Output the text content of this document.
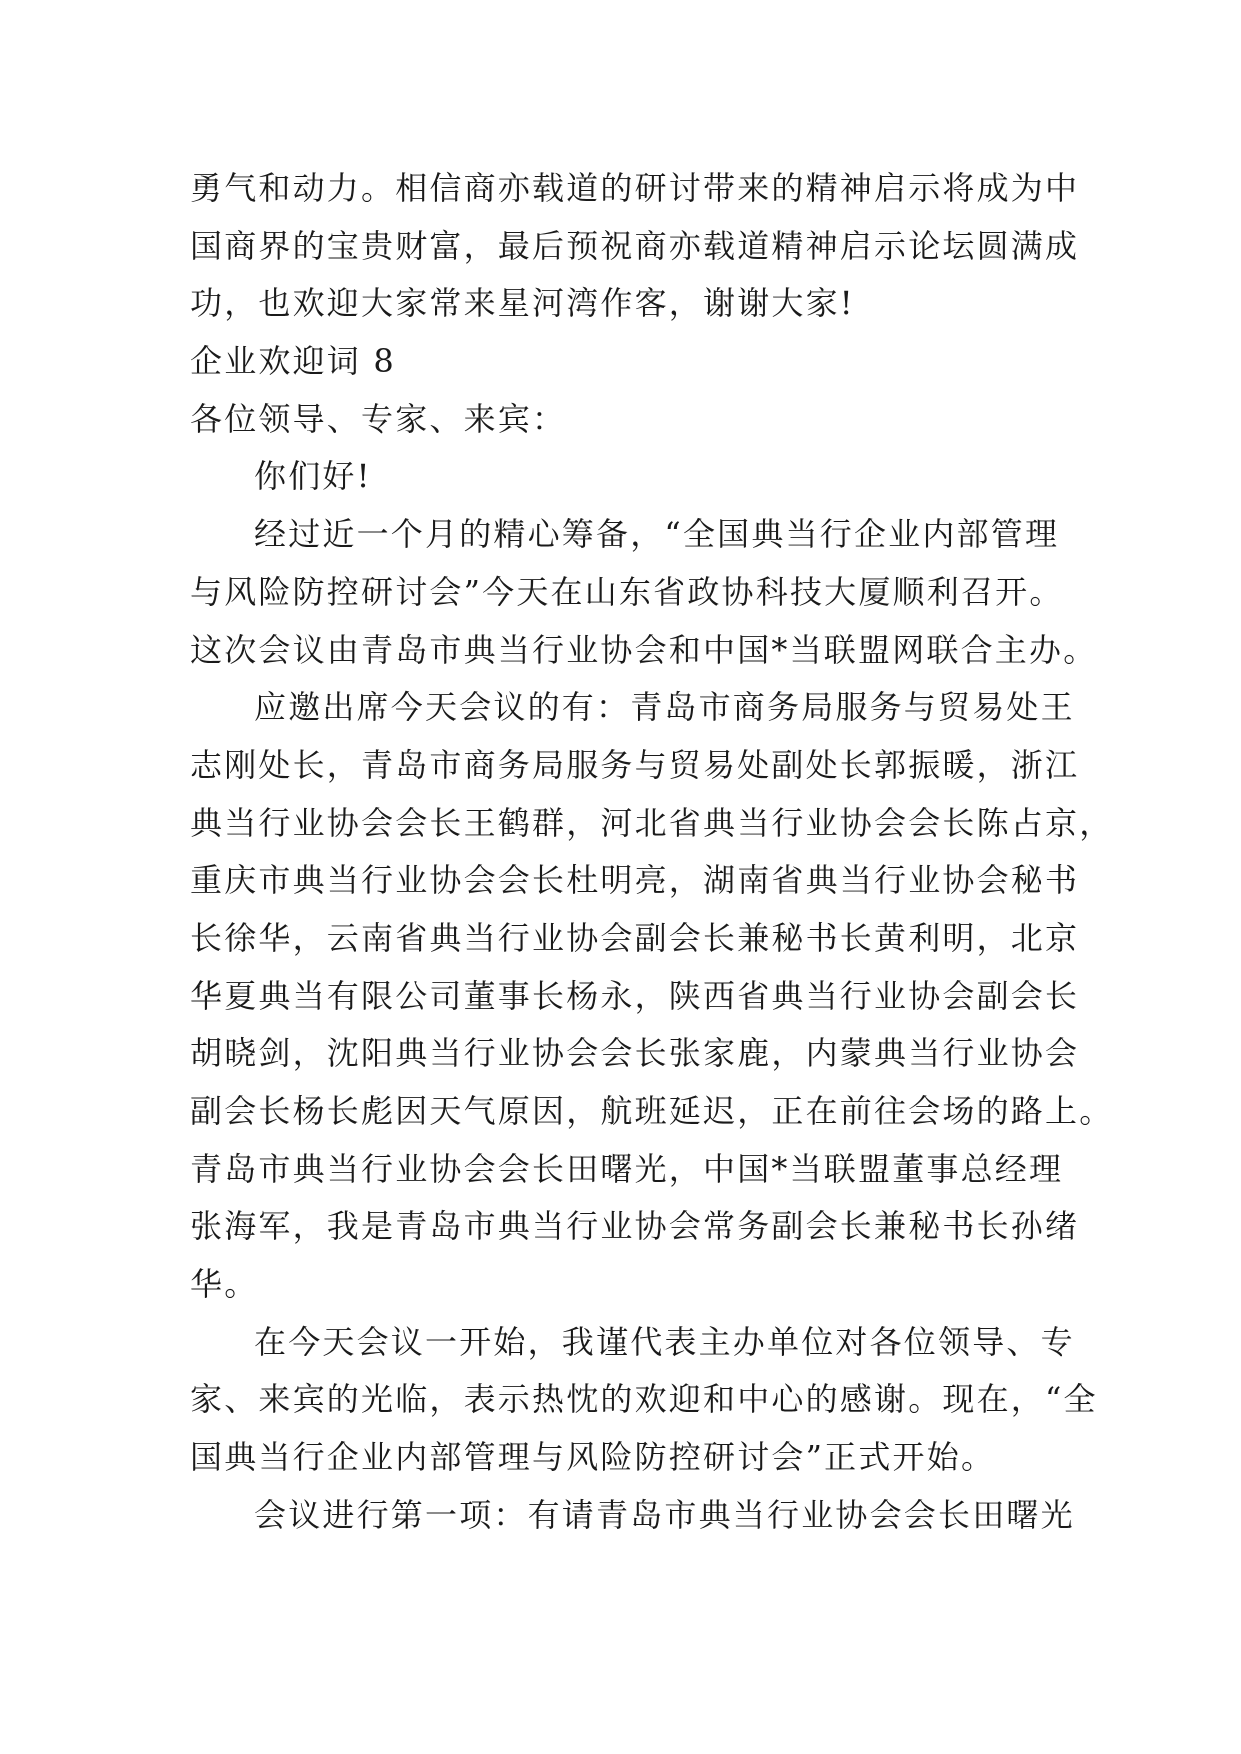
勇气和动力。相信商亦载道的研讨带来的精神启示将成为中

国商界的宝贵财富，最后预祝商亦载道精神启示论坛圆满成

功，也欢迎大家常来星河湾作客，谢谢大家!

企业欢迎词 8

各位领导、专家、来宾：

你们好!

经过近一个月的精心筹备，“全国典当行企业内部管理

与风险防控研讨会”今天在山东省政协科技大厦顺利召开。

这次会议由青岛市典当行业协会和中国*当联盟网联合主办。

应邀出席今天会议的有：青岛市商务局服务与贸易处王

志刚处长，青岛市商务局服务与贸易处副处长郭振暖，浙江

典当行业协会会长王鹤群，河北省典当行业协会会长陈占京，

重庆市典当行业协会会长杜明亮，湖南省典当行业协会秘书

长徐华，云南省典当行业协会副会长兼秘书长黄利明，北京

华夏典当有限公司董事长杨永，陕西省典当行业协会副会长

胡晓剑，沈阳典当行业协会会长张家鹿，内蒙典当行业协会

副会长杨长彪因天气原因，航班延迟，正在前往会场的路上。

青岛市典当行业协会会长田曙光，中国*当联盟董事总经理

张海军，我是青岛市典当行业协会常务副会长兼秘书长孙绪

华。

在今天会议一开始，我谨代表主办单位对各位领导、专

家、来宾的光临，表示热忱的欢迎和中心的感谢。现在，“全

国典当行企业内部管理与风险防控研讨会”正式开始。

会议进行第一项：有请青岛市典当行业协会会长田曙光
